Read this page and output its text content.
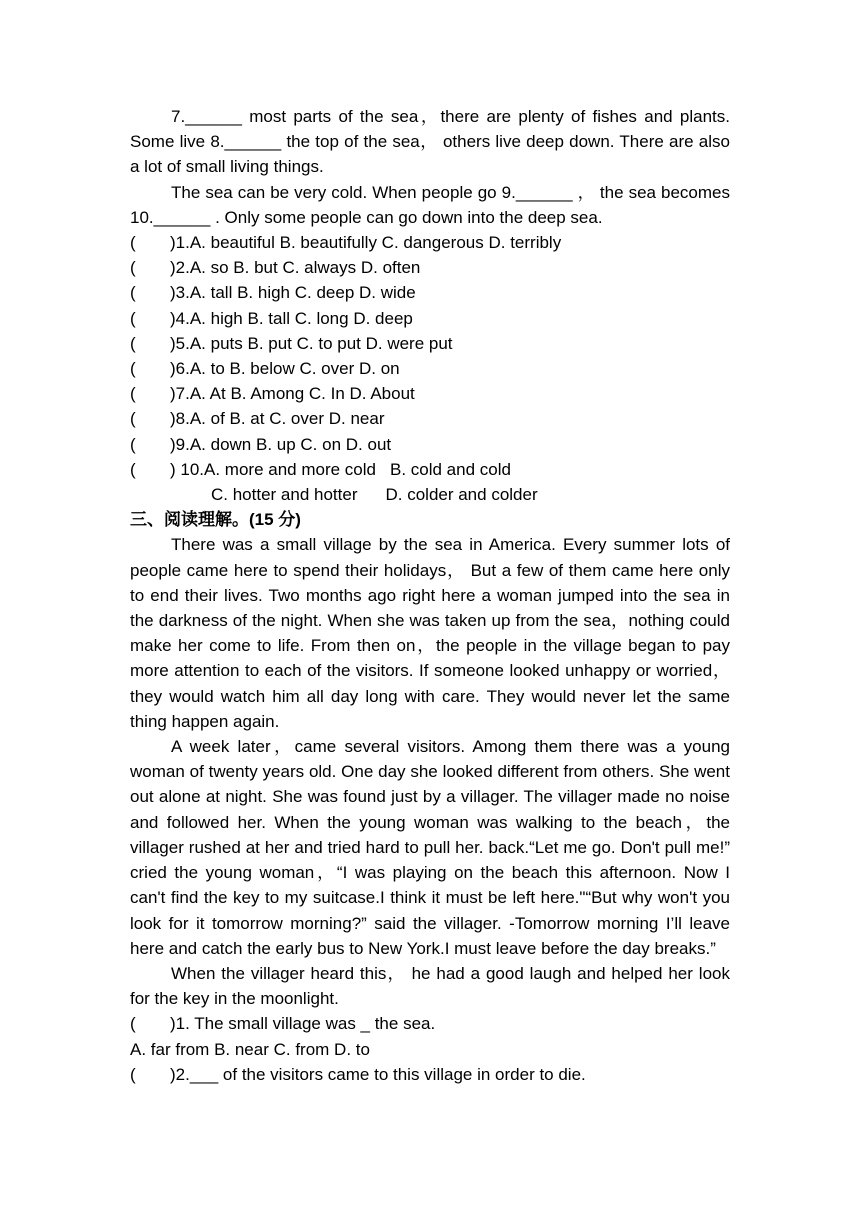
7.______ most parts of the sea，there are plenty of fishes and plants. Some live 8.______ the top of the sea， others live deep down. There are also a lot of small living things.

The sea can be very cold. When people go 9.______ ， the sea becomes 10.______ . Only some people can go down into the deep sea.

( )1.A. beautiful B. beautifully C. dangerous D. terribly

( )2.A. so B. but C. always D. often

( )3.A. tall B. high C. deep D. wide

( )4.A. high B. tall C. long D. deep

( )5.A. puts B. put C. to put D. were put

( )6.A. to B. below C. over D. on

( )7.A. At B. Among C. In D. About

( )8.A. of B. at C. over D. near

( )9.A. down B. up C. on D. out

( ) 10.A. more and more cold B. cold and cold

C. hotter and hotter D. colder and colder

三、阅读理解。(15 分)

There was a small village by the sea in America. Every summer lots of people came here to spend their holidays， But a few of them came here only to end their lives. Two months ago right here a woman jumped into the sea in the darkness of the night. When she was taken up from the sea，nothing could make her come to life. From then on，the people in the village began to pay more attention to each of the visitors. If someone looked unhappy or worried， they would watch him all day long with care. They would never let the same thing happen again.

A week later，came several visitors. Among them there was a young woman of twenty years old. One day she looked different from others. She went out alone at night. She was found just by a villager. The villager made no noise and followed her. When the young woman was walking to the beach，the villager rushed at her and tried hard to pull her. back.“Let me go. Don't pull me!” cried the young woman，“I was playing on the beach this afternoon. Now I can't find the key to my suitcase.I think it must be left here."“But why won't you look for it tomorrow morning?” said the villager. -Tomorrow morning I’ll leave here and catch the early bus to New York.I must leave before the day breaks.”

When the villager heard this， he had a good laugh and helped her look for the key in the moonlight.

( )1. The small village was _ the sea.

A. far from B. near C. from D. to

( )2.___ of the visitors came to this village in order to die.
